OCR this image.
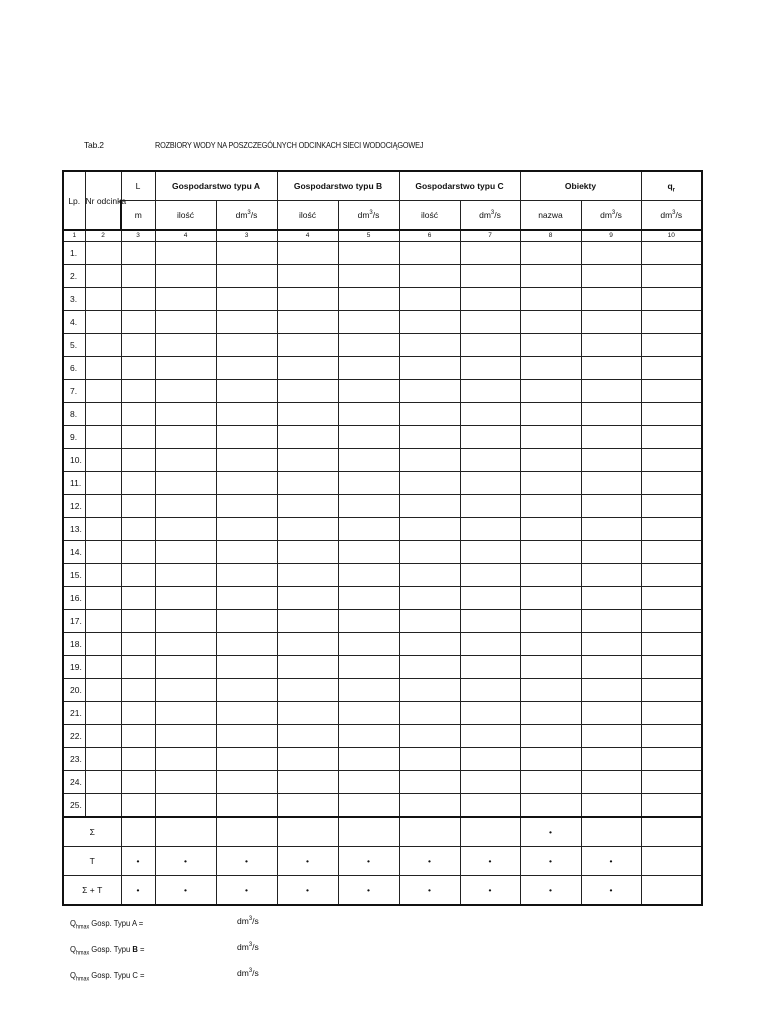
Tab.2	ROZBIORY WODY NA POSZCZEGÓLNYCH ODCINKACH SIECI WODOCIĄGOWEJ
Lp.	Nr odcinka	L	Gospodarstwo typu A		Gospodarstwo typu B		Gospodarstwo typu C		Obiekty		$q_r$
		m	ilość	$dm^3/s$	ilość	$dm^3/s$	ilość	$dm^3/s$	nazwa	$dm^3/s$	$dm^3/s$
1	2	3	4	3	4	5	6	7	8	9	10
1.											
2.											
3.											
4.											
5.											
6.											
7.											
8.											
9.											
10.											
11.											
12.											
13.											
14.											
15.											
16.											
17.											
18.											
19.											
20.											
21.											
22.											
23.											
24.											
25.											
Σ									•		
T		•	•	•	•	•	•	•	•	•	
Σ + T		•	•	•	•	•	•	•	•	•	
$Q_{hmax}$ Gosp. Typu A =	$dm^3/s$
$Q_{hmax}$ Gosp. Typu B =	$dm^3/s$
$Q_{hmax}$ Gosp. Typu C =	$dm^3/s$
